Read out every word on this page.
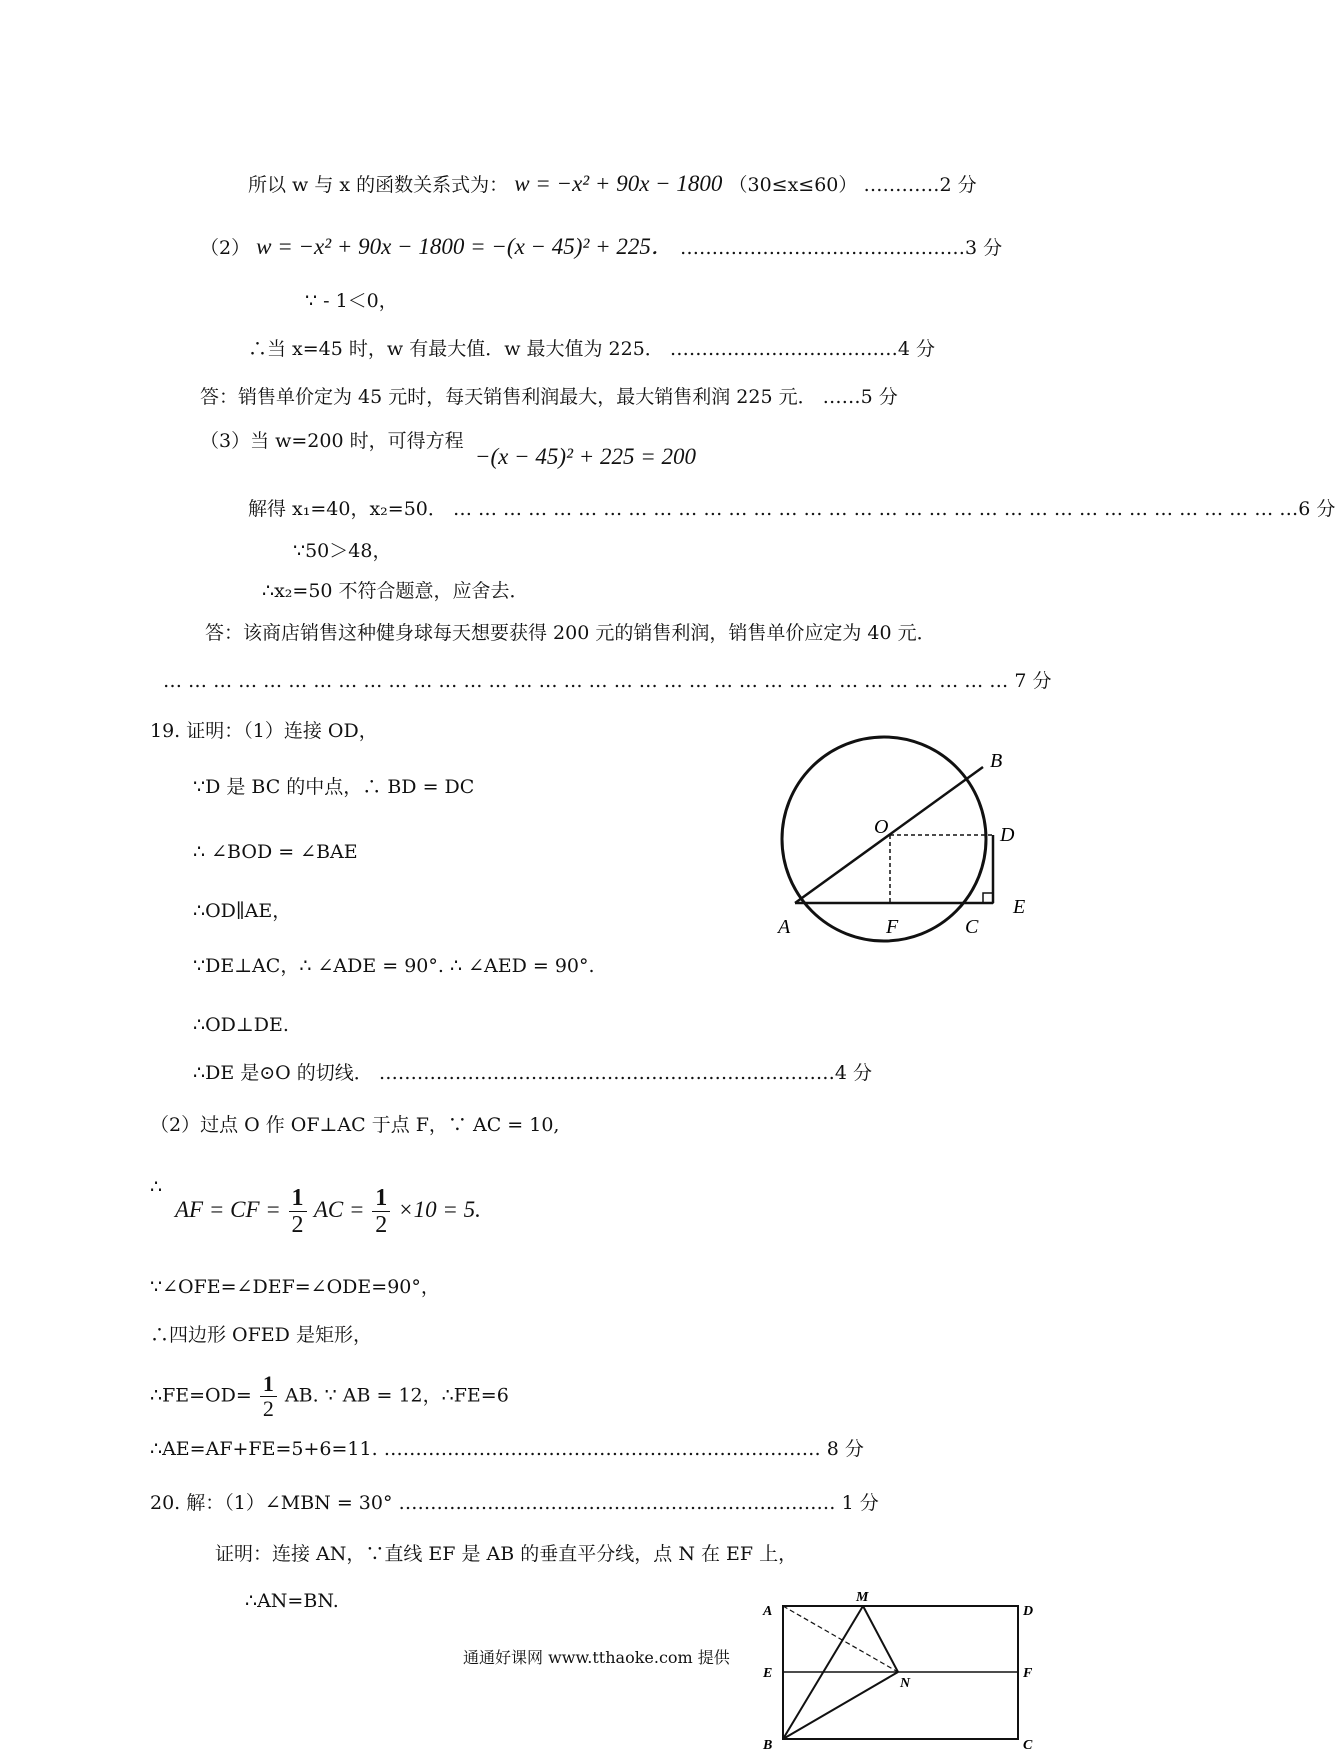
所以 w 与 x 的函数关系式为： w = −x² + 90x − 1800 （30≤x≤60） …………2 分
（2） w = −x² + 90x − 1800 = −(x − 45)² + 225． ………………………………………3 分
∵ - 1＜0，
∴当 x=45 时，w 有最大值．w 最大值为 225． ………………………………4 分
答：销售单价定为 45 元时，每天销售利润最大，最大销售利润 225 元． ……5 分
（3）当 w=200 时，可得方程
−(x − 45)² + 225 = 200
解得 x₁=40，x₂=50． … … … … … … … … … … … … … … … … … … … … … … … … … … … … … … … … … …6 分
∵50＞48，
∴x₂=50 不符合题意，应舍去．
答：该商店销售这种健身球每天想要获得 200 元的销售利润，销售单价应定为 40 元．
… … … … … … … … … … … … … … … … … … … … … … … … … … … … … … … … … … 7 分
19. 证明：（1）连接 OD，
∵D 是 BC 的中点，∴ BD = DC
∴ ∠BOD = ∠BAE
∴OD∥AE，
∵DE⊥AC，∴ ∠ADE = 90°. ∴ ∠AED = 90°.
∴OD⊥DE.
∴DE 是⊙O 的切线． ………………………………………………………………4 分
（2）过点 O 作 OF⊥AC 于点 F，∵ AC = 10,
∴
AF = CF = $\frac{1}{2}$ AC = $\frac{1}{2} \times 10 = 5$.
∵∠OFE=∠DEF=∠ODE=90°，
∴四边形 OFED 是矩形，
∴FE=OD= $\frac{1}{2}$ AB. ∵ AB = 12，∴FE=6
∴AE=AF+FE=5+6=11. …………………………………………………………… 8 分
20. 解：（1）∠MBN = 30° …………………………………………………………… 1 分
证明：连接 AN，∵直线 EF 是 AB 的垂直平分线，点 N 在 EF 上，
∴AN=BN.
A
B
C
D
E
F
O
A
B	C
D
E	F
M
N
通通好课网 www.tthaoke.com 提供
